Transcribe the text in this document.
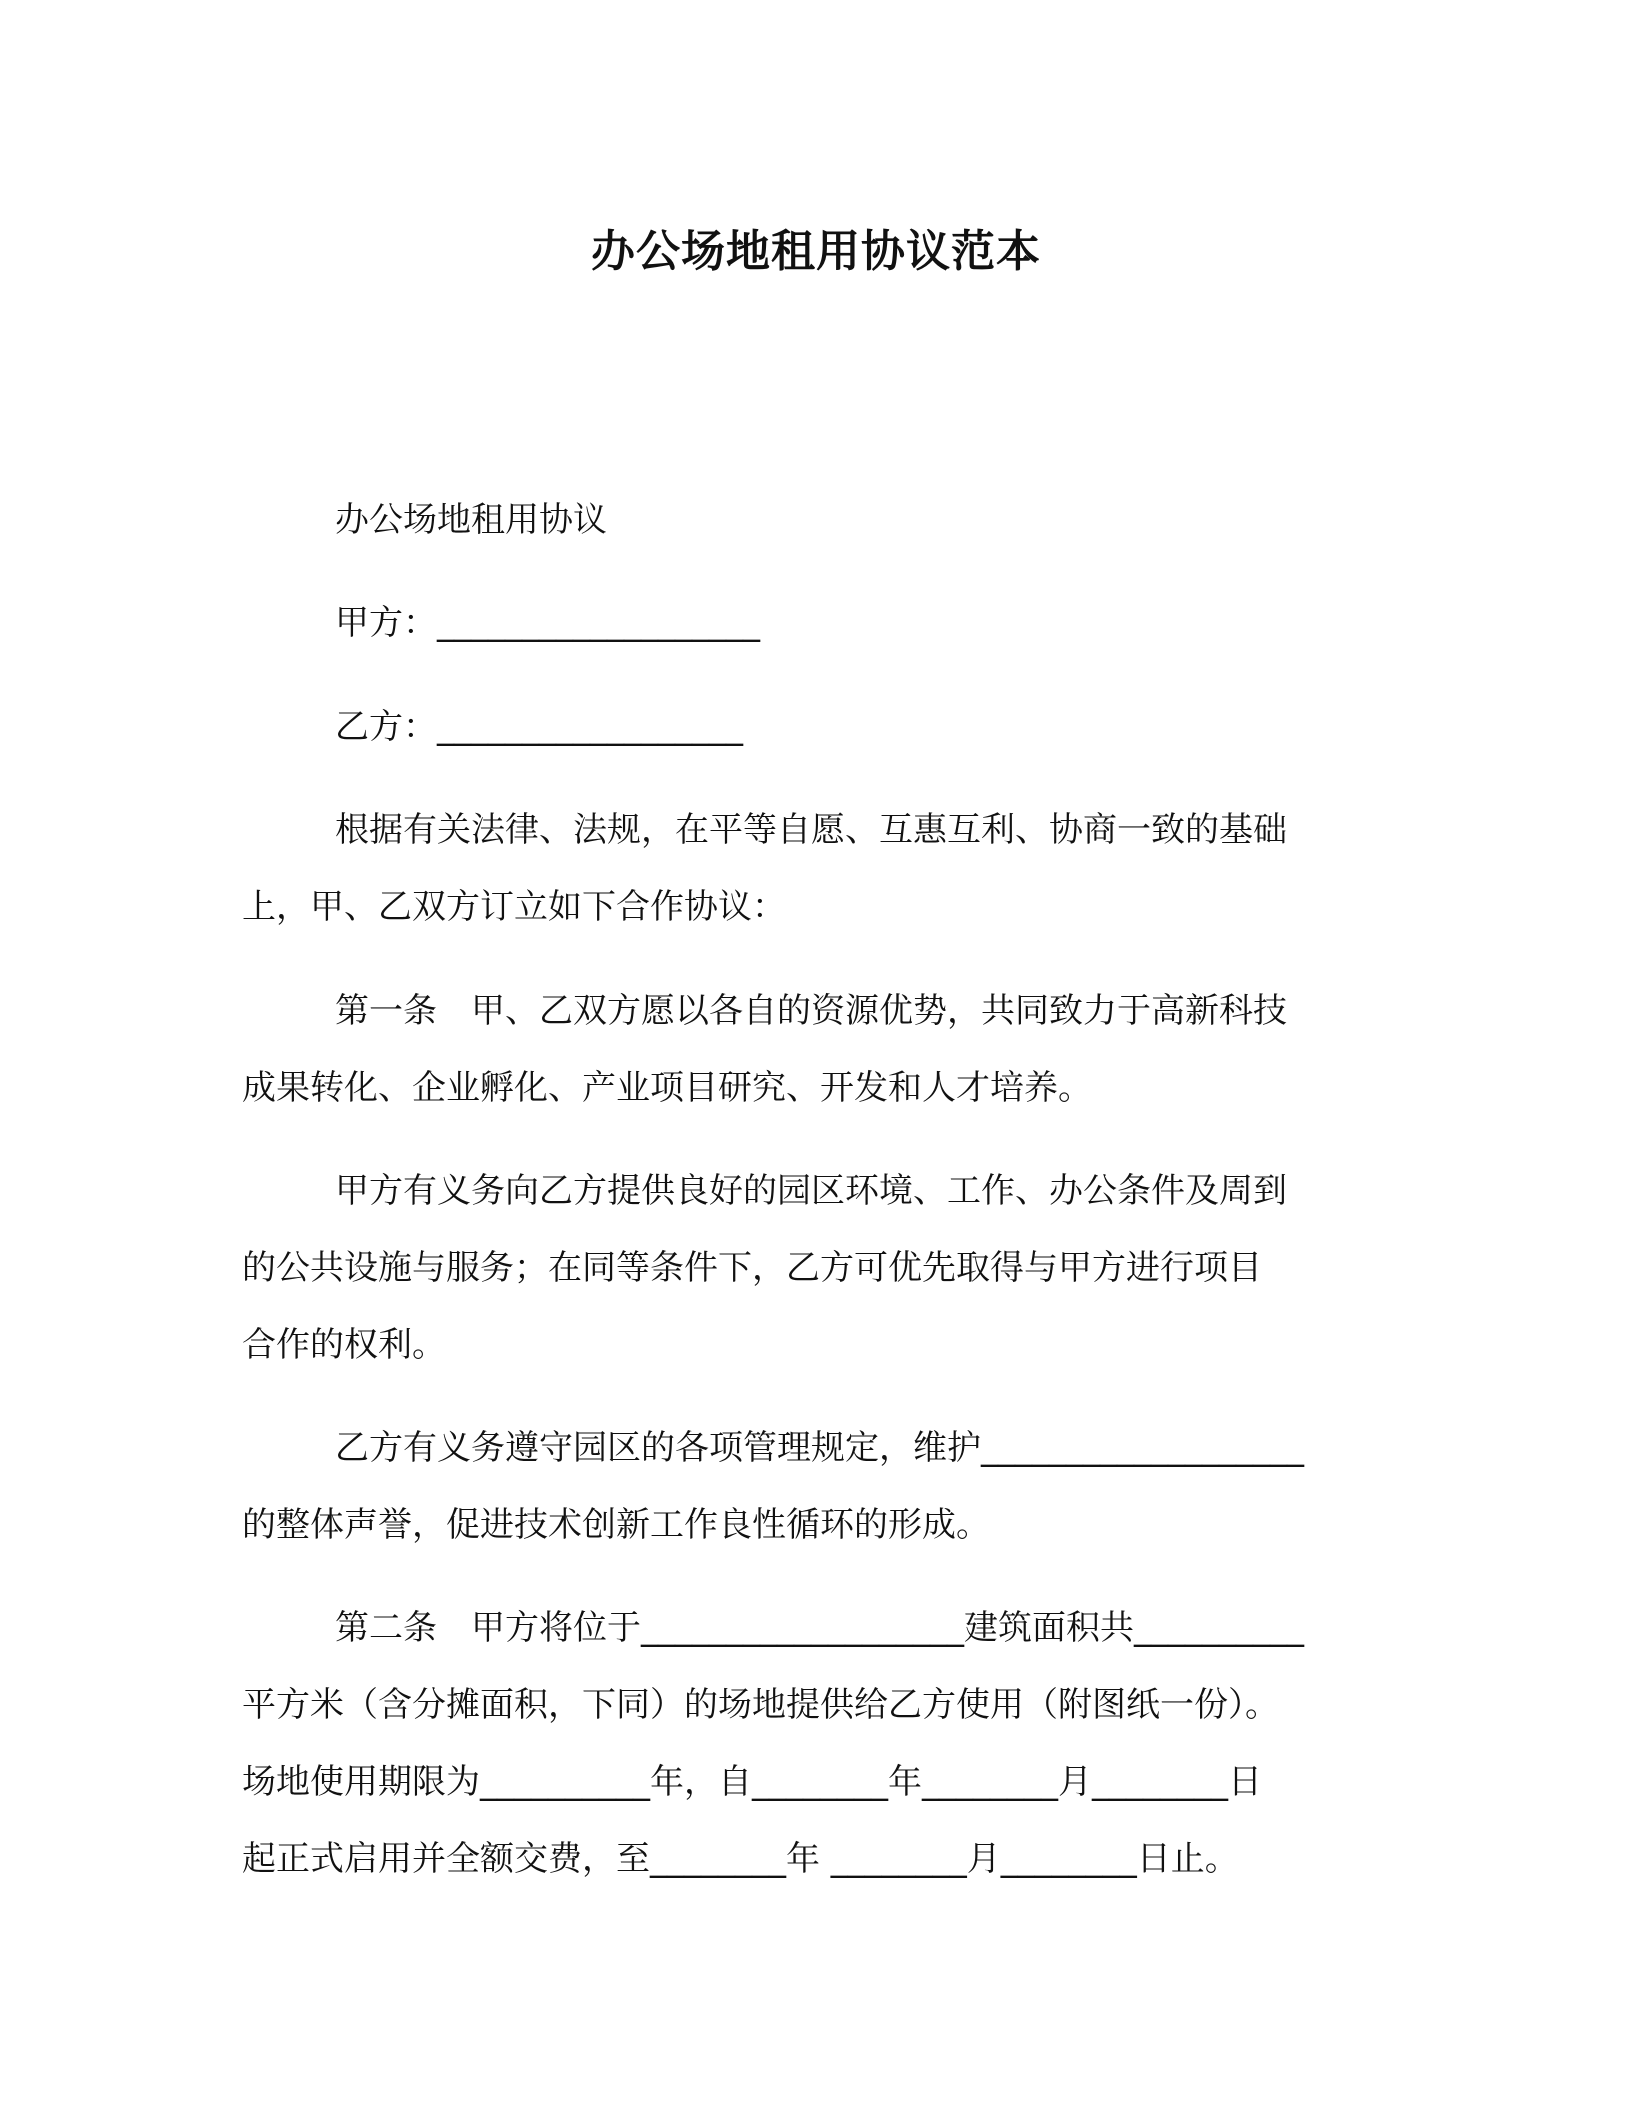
办公场地租用协议范本
办公场地租用协议
甲方：___________________
乙方：__________________
根据有关法律、法规，在平等自愿、互惠互利、协商一致的基础
上，甲、乙双方订立如下合作协议：
第一条　甲、乙双方愿以各自的资源优势，共同致力于高新科技
成果转化、企业孵化、产业项目研究、开发和人才培养。
甲方有义务向乙方提供良好的园区环境、工作、办公条件及周到
的公共设施与服务；在同等条件下，乙方可优先取得与甲方进行项目
合作的权利。
乙方有义务遵守园区的各项管理规定，维护___________________
的整体声誉，促进技术创新工作良性循环的形成。
第二条　甲方将位于___________________建筑面积共__________
平方米（含分摊面积，下同）的场地提供给乙方使用（附图纸一份）。
场地使用期限为__________年，自________年________月________日
起正式启用并全额交费，至________年 ________月________日止。
